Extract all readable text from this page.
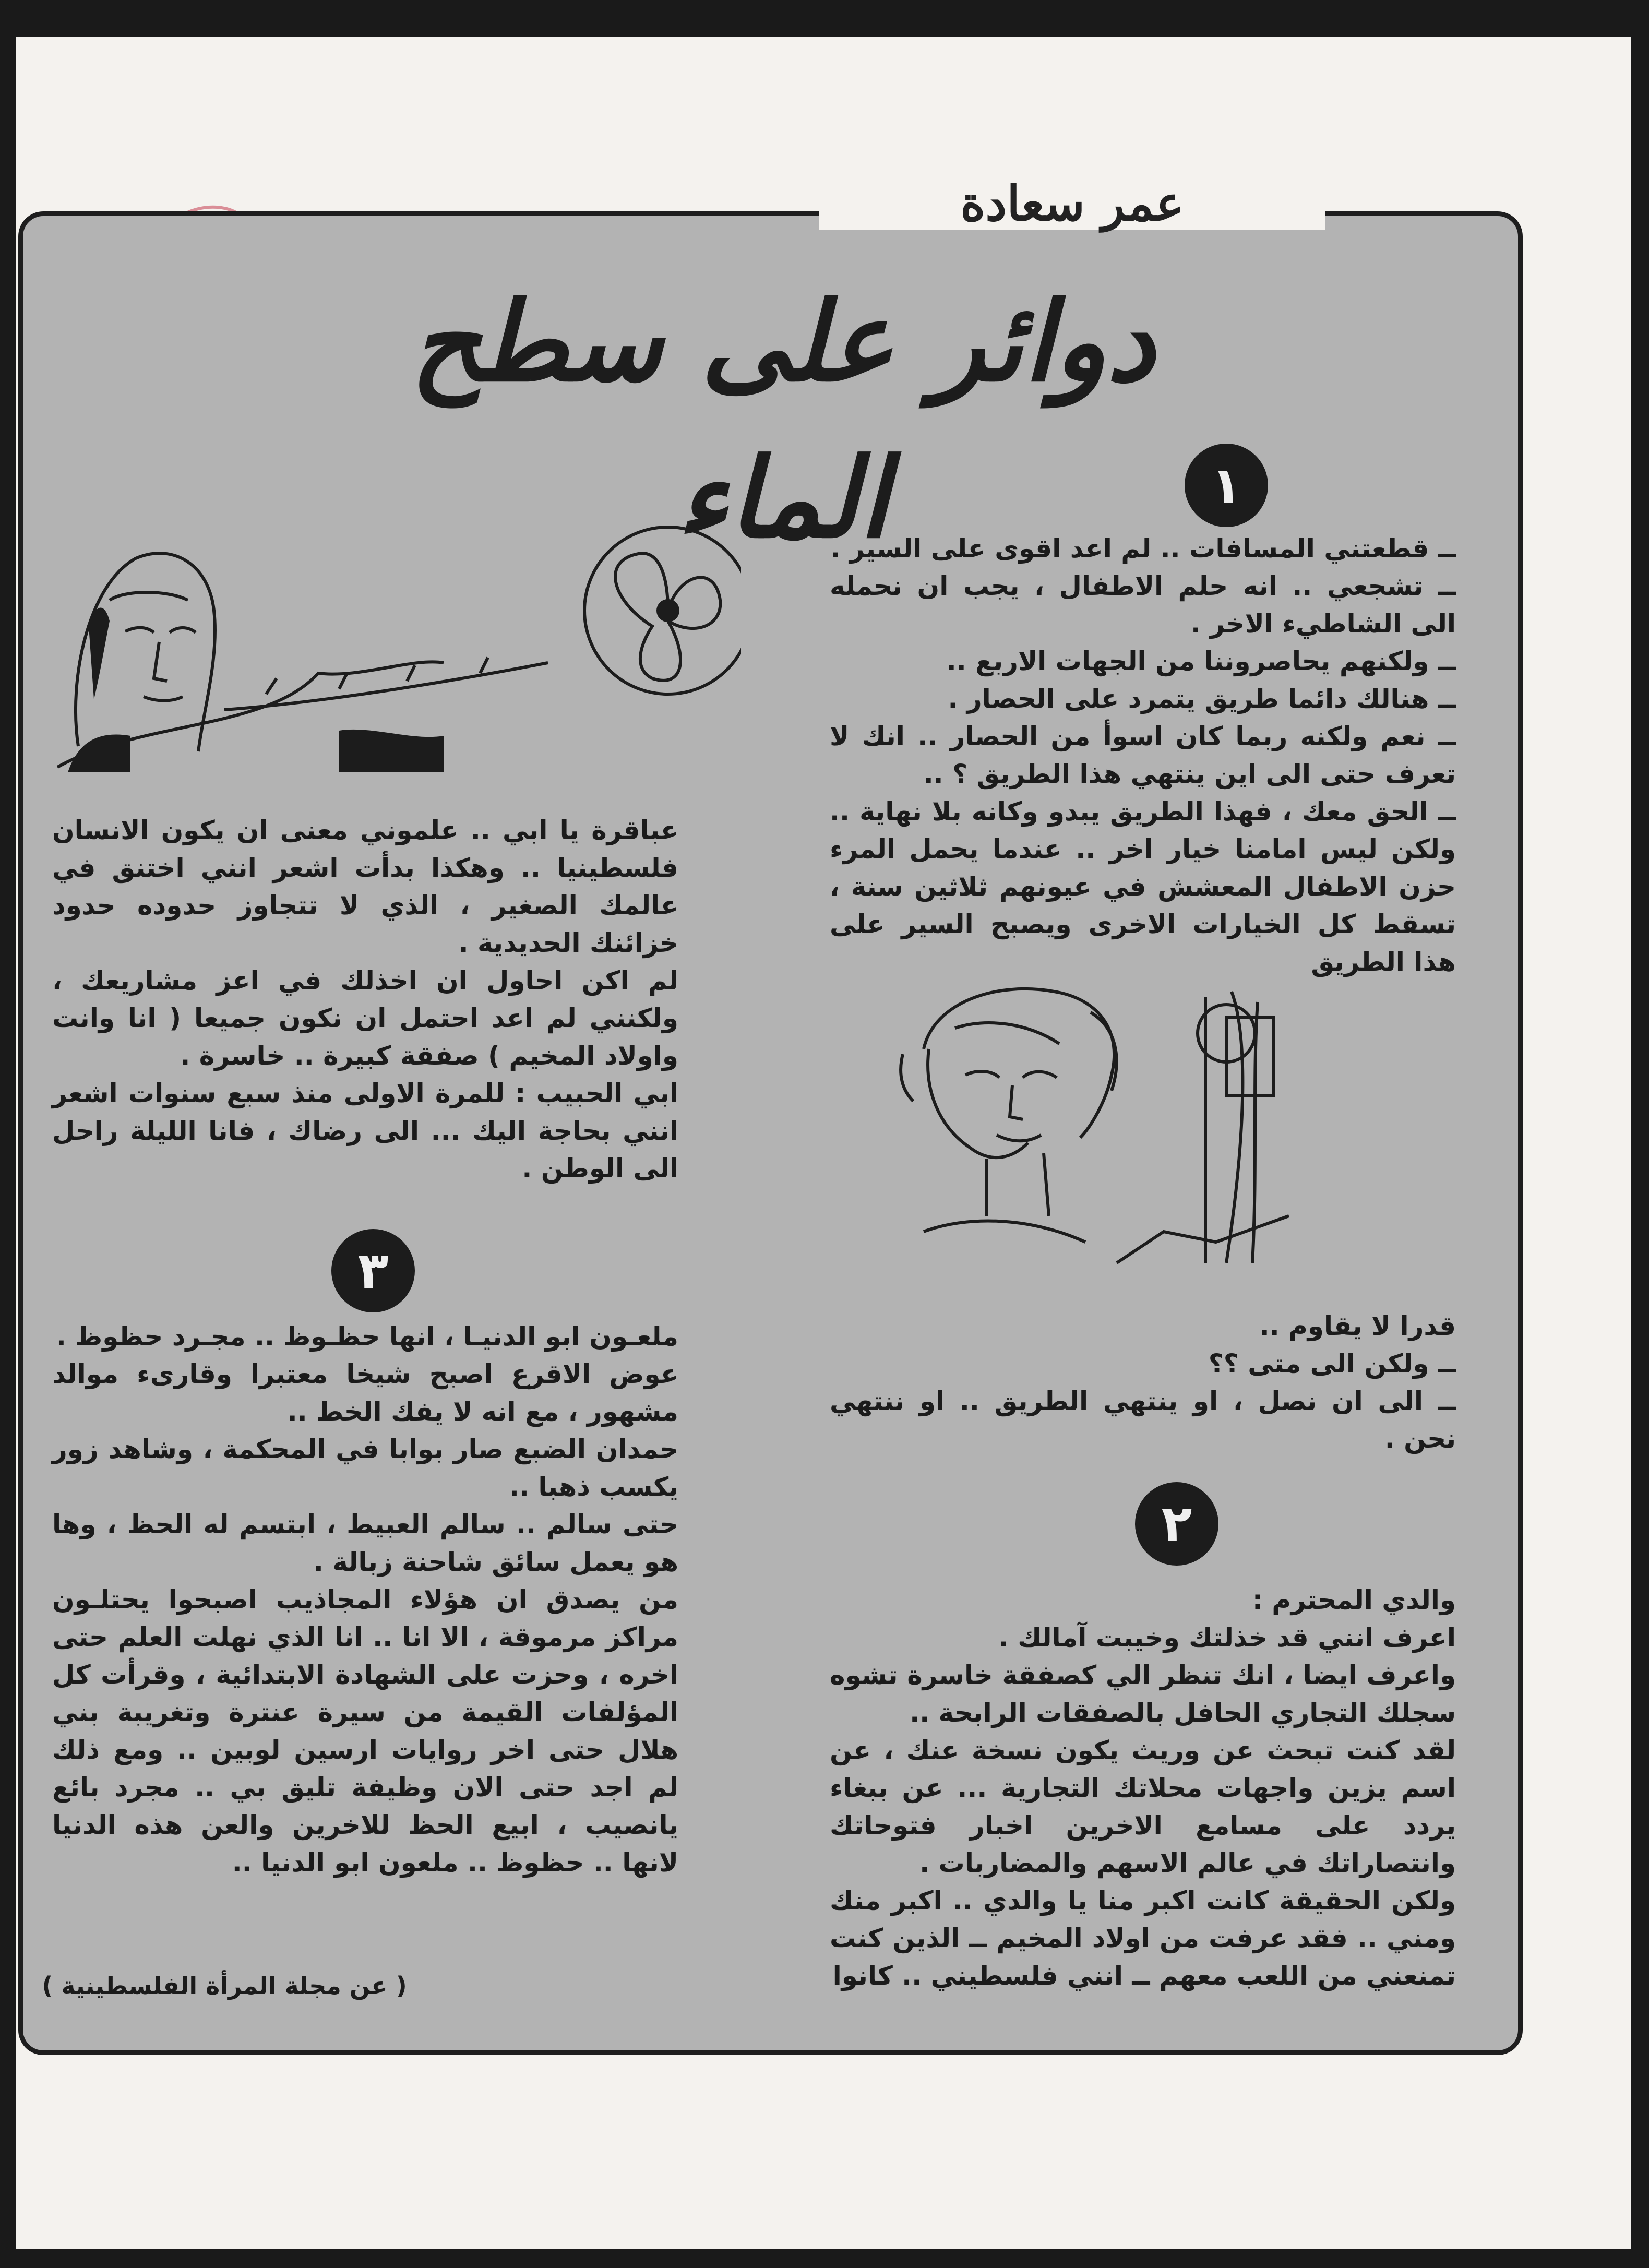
عمر سعادة
دوائر على سطح الماء	١
٢
٣

ــ قطعتني المسافات .. لم اعد اقوى على السير .

ــ تشجعي .. انه حلم الاطفال ، يجب ان نحمله الى الشاطيء الاخر .

ــ ولكنهم يحاصروننا من الجهات الاربع ..

ــ هنالك دائما طريق يتمرد على الحصار .

ــ نعم ولكنه ربما كان اسوأ من الحصار .. انك لا تعرف حتى الى اين ينتهي هذا الطريق ؟ ..

ــ الحق معك ، فهذا الطريق يبدو وكانه بلا نهاية .. ولكن ليس امامنا خيار اخر .. عندما يحمل المرء حزن الاطفال المعشش في عيونهم ثلاثين سنة ، تسقط كل الخيارات الاخرى ويصبح السير على هذا الطريق

قدرا لا يقاوم ..

ــ ولكن الى متى ؟؟

ــ الى ان نصل ، او ينتهي الطريق .. او ننتهي نحن .

والدي المحترم :

اعرف انني قد خذلتك وخيبت آمالك .

واعرف ايضا ، انك تنظر الي كصفقة خاسرة تشوه سجلك التجاري الحافل بالصفقات الرابحة ..

لقد كنت تبحث عن وريث يكون نسخة عنك ، عن اسم يزين واجهات محلاتك التجارية ... عن ببغاء يردد على مسامع الاخرين اخبار فتوحاتك وانتصاراتك في عالم الاسهم والمضاربات .

ولكن الحقيقة كانت اكبر منا يا والدي .. اكبر منك ومني .. فقد عرفت من اولاد المخيم ــ الذين كنت تمنعني من اللعب معهم ــ انني فلسطيني .. كانوا

عباقرة يا ابي .. علموني معنى ان يكون الانسان فلسطينيا .. وهكذا بدأت اشعر انني اختنق في عالمك الصغير ، الذي لا تتجاوز حدوده حدود خزائنك الحديدية .

لم اكن احاول ان اخذلك في اعز مشاريعك ، ولكنني لم اعد احتمل ان نكون جميعا ( انا وانت واولاد المخيم ) صفقة كبيرة .. خاسرة .

ابي الحبيب : للمرة الاولى منذ سبع سنوات اشعر انني بحاجة اليك ... الى رضاك ، فانا الليلة راحل الى الوطن .

ملعـون ابو الدنيـا ، انها حظـوظ .. مجـرد حظوظ .

عوض الاقرع اصبح شيخا معتبرا وقارىء موالد مشهور ، مع انه لا يفك الخط ..

حمدان الضبع صار بوابا في المحكمة ، وشاهد زور يكسب ذهبا ..

حتى سالم .. سالم العبيط ، ابتسم له الحظ ، وها هو يعمل سائق شاحنة زبالة .

من يصدق ان هؤلاء المجاذيب اصبحوا يحتلـون مراكز مرموقة ، الا انا .. انا الذي نهلت العلم حتى اخره ، وحزت على الشهادة الابتدائية ، وقرأت كل المؤلفات القيمة من سيرة عنترة وتغريبة بني هلال حتى اخر روايات ارسين لوبين .. ومع ذلك لم اجد حتى الان وظيفة تليق بي .. مجرد بائع يانصيب ، ابيع الحظ للاخرين والعن هذه الدنيا لانها .. حظوظ .. ملعون ابو الدنيا ..

( عن مجلة المرأة الفلسطينية )
